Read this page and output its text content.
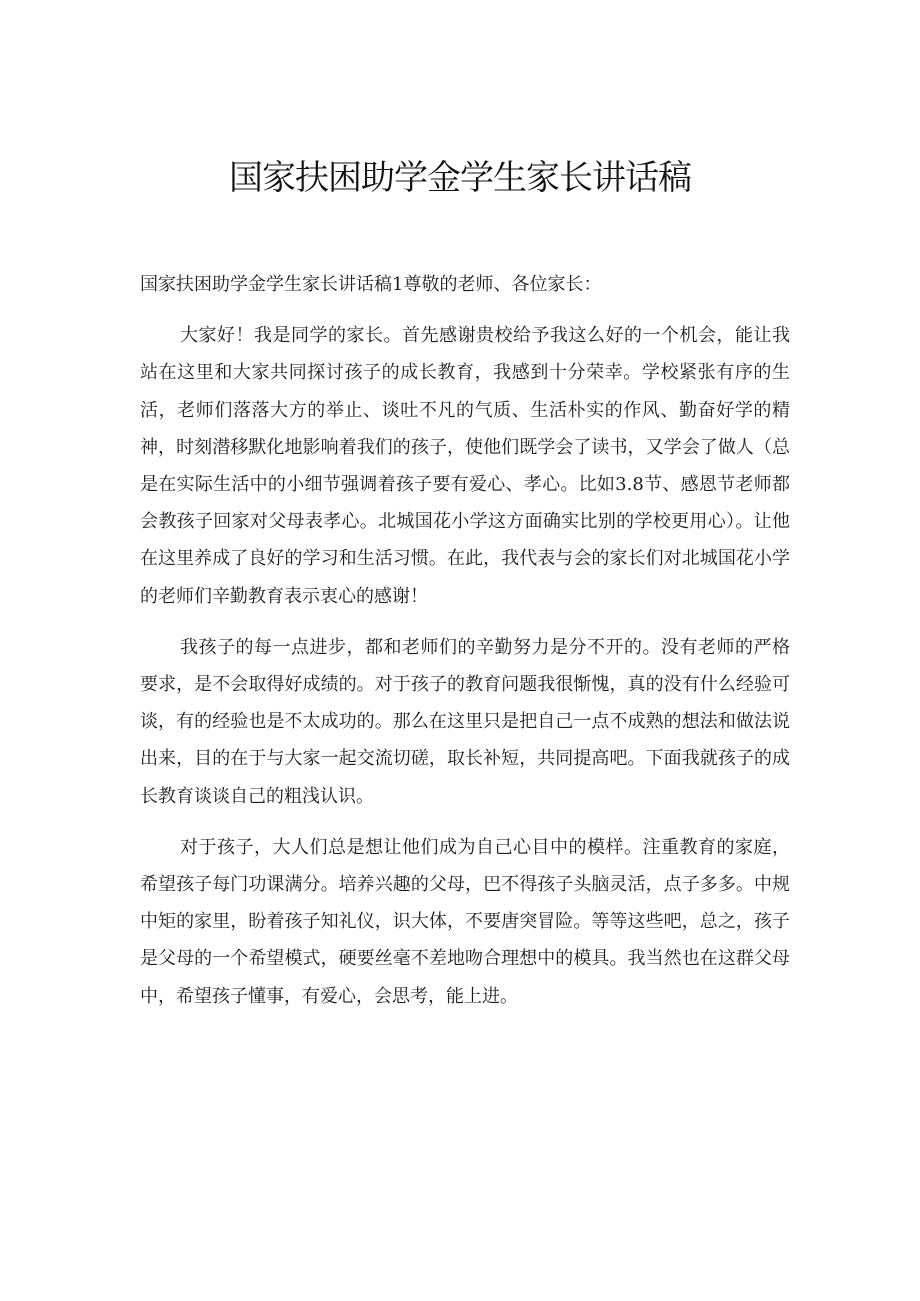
国家扶困助学金学生家长讲话稿

国家扶困助学金学生家长讲话稿1尊敬的老师、各位家长：

大家好！我是同学的家长。首先感谢贵校给予我这么好的一个机会，能让我站在这里和大家共同探讨孩子的成长教育，我感到十分荣幸。学校紧张有序的生活，老师们落落大方的举止、谈吐不凡的气质、生活朴实的作风、勤奋好学的精神，时刻潜移默化地影响着我们的孩子，使他们既学会了读书，又学会了做人（总是在实际生活中的小细节强调着孩子要有爱心、孝心。比如3.8节、感恩节老师都会教孩子回家对父母表孝心。北城国花小学这方面确实比别的学校更用心）。让他在这里养成了良好的学习和生活习惯。在此，我代表与会的家长们对北城国花小学的老师们辛勤教育表示衷心的感谢！

我孩子的每一点进步，都和老师们的辛勤努力是分不开的。没有老师的严格要求，是不会取得好成绩的。对于孩子的教育问题我很惭愧，真的没有什么经验可谈，有的经验也是不太成功的。那么在这里只是把自己一点不成熟的想法和做法说出来，目的在于与大家一起交流切磋，取长补短，共同提高吧。下面我就孩子的成长教育谈谈自己的粗浅认识。

对于孩子，大人们总是想让他们成为自己心目中的模样。注重教育的家庭，希望孩子每门功课满分。培养兴趣的父母，巴不得孩子头脑灵活，点子多多。中规中矩的家里，盼着孩子知礼仪，识大体，不要唐突冒险。等等这些吧，总之，孩子是父母的一个希望模式，硬要丝毫不差地吻合理想中的模具。我当然也在这群父母中，希望孩子懂事，有爱心，会思考，能上进。
